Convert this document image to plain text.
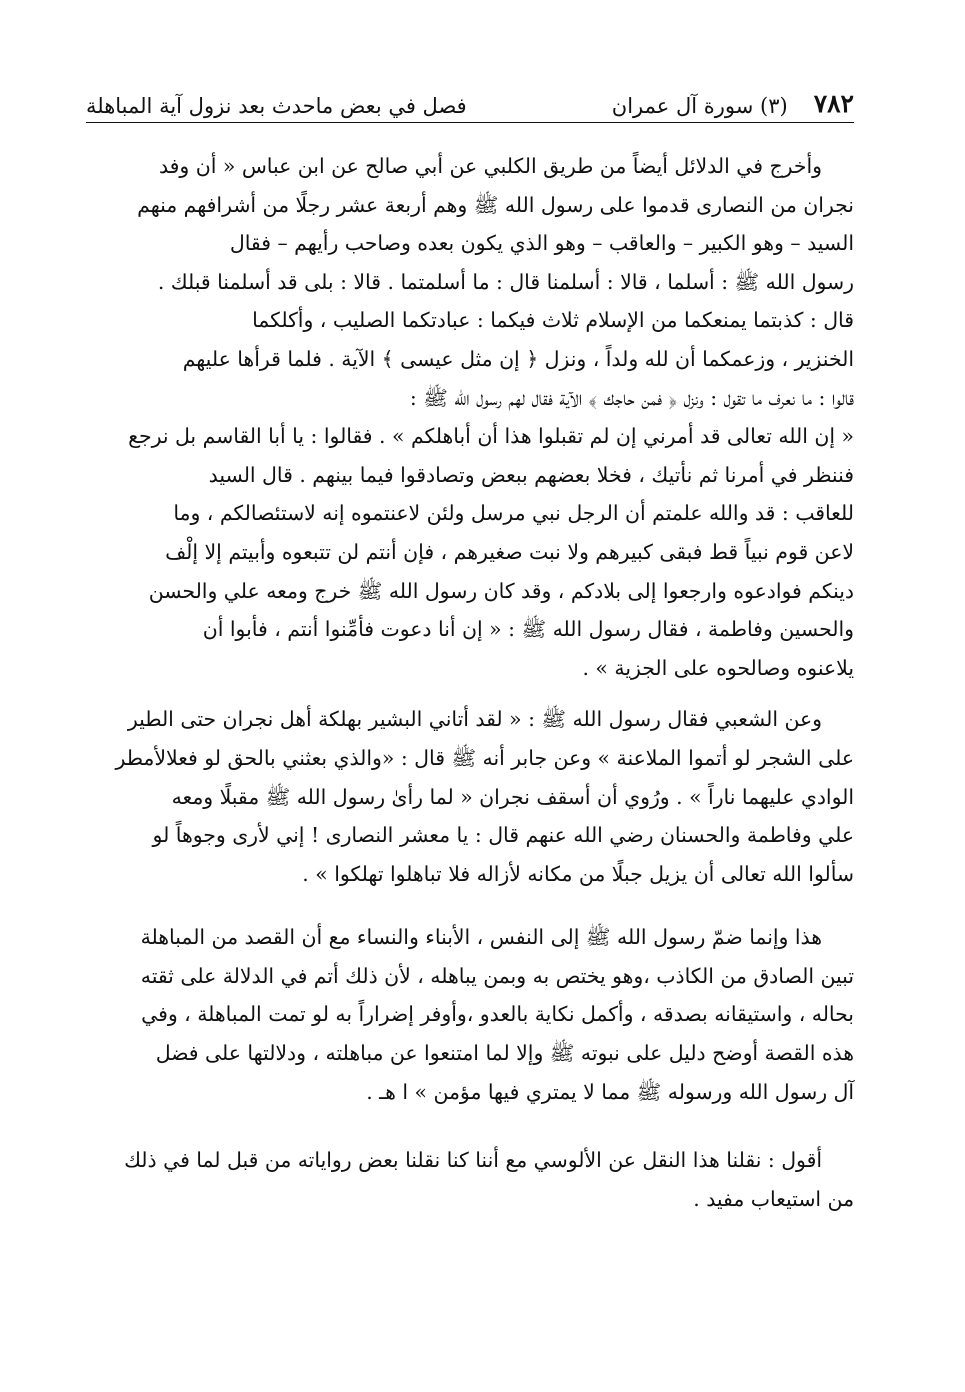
٧٨٢
(٣) سورة آل عمران
فصل في بعض ماحدث بعد نزول آية المباهلة

وأخرج في الدلائل أيضاً من طريق الكلبي عن أبي صالح عن ابن عباس « أن وفد

نجران من النصارى قدموا على رسول الله ﷺ وهم أربعة عشر رجلًا من أشرافهم منهم

السيد – وهو الكبير – والعاقب – وهو الذي يكون بعده وصاحب رأيهم – فقال

رسول الله ﷺ : أسلما ، قالا : أسلمنا قال : ما أسلمتما . قالا : بلى قد أسلمنا قبلك .

قال : كذبتما يمنعكما من الإسلام ثلاث فيكما : عبادتكما الصليب ، وأكلكما

الخنزير ، وزعمكما أن لله ولداً ، ونزل ﴿ إن مثل عيسى ﴾ الآية . فلما قرأها عليهم

قالوا : ما نعرف ما تقول : ونزل ﴿ فمن حاجك ﴾ الآية فقال لهم رسول الله ﷺ :

« إن الله تعالى قد أمرني إن لم تقبلوا هذا أن أباهلكم » . فقالوا : يا أبا القاسم بل نرجع

فننظر في أمرنا ثم نأتيك ، فخلا بعضهم ببعض وتصادقوا فيما بينهم . قال السيد

للعاقب : قد والله علمتم أن الرجل نبي مرسل ولئن لاعنتموه إنه لاستئصالكم ، وما

لاعن قوم نبياً قط فبقى كبيرهم ولا نبت صغيرهم ، فإن أنتم لن تتبعوه وأبيتم إلا إلْف

دينكم فوادعوه وارجعوا إلى بلادكم ، وقد كان رسول الله ﷺ خرج ومعه علي والحسن

والحسين وفاطمة ، فقال رسول الله ﷺ : « إن أنا دعوت فأمِّنوا أنتم ، فأبوا أن

يلاعنوه وصالحوه على الجزية » .

وعن الشعبي فقال رسول الله ﷺ : « لقد أتاني البشير بهلكة أهل نجران حتى الطير

على الشجر لو أتموا الملاعنة » وعن جابر أنه ﷺ قال : «والذي بعثني بالحق لو فعلالأمطر

الوادي عليهما ناراً » . ورُوي أن أسقف نجران « لما رأىٰ رسول الله ﷺ مقبلًا ومعه

علي وفاطمة والحسنان رضي الله عنهم قال : يا معشر النصارى ! إني لأرى وجوهاً لو

سألوا الله تعالى أن يزيل جبلًا من مكانه لأزاله فلا تباهلوا تهلكوا » .

هذا وإنما ضمّ رسول الله ﷺ إلى النفس ، الأبناء والنساء مع أن القصد من المباهلة

تبين الصادق من الكاذب ،وهو يختص به وبمن يباهله ، لأن ذلك أتم في الدلالة على ثقته

بحاله ، واستيقانه بصدقه ، وأكمل نكاية بالعدو ،وأوفر إضراراً به لو تمت المباهلة ، وفي

هذه القصة أوضح دليل على نبوته ﷺ وإلا لما امتنعوا عن مباهلته ، ودلالتها على فضل

آل رسول الله ورسوله ﷺ مما لا يمتري فيها مؤمن » ا هـ .

أقول : نقلنا هذا النقل عن الألوسي مع أننا كنا نقلنا بعض رواياته من قبل لما في ذلك

من استيعاب مفيد .
